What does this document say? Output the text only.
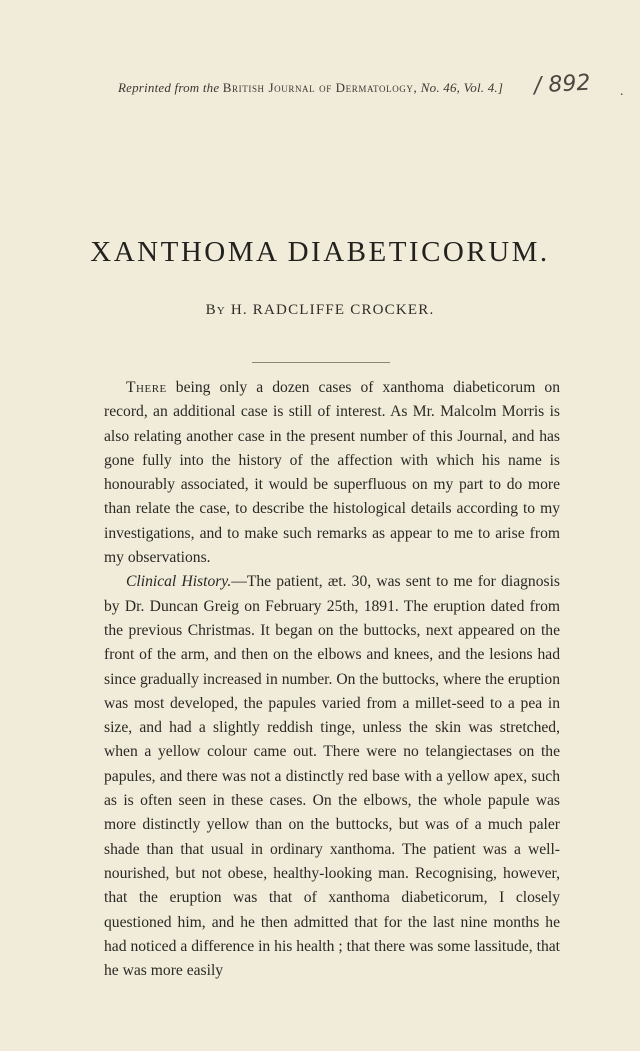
Reprinted from the British Journal of Dermatology, No. 46, Vol. 4.] / 892 .
XANTHOMA DIABETICORUM.
By H. RADCLIFFE CROCKER.

There being only a dozen cases of xanthoma diabeticorum on record, an additional case is still of interest. As Mr. Malcolm Morris is also relating another case in the present number of this Journal, and has gone fully into the history of the affection with which his name is honourably associated, it would be superfluous on my part to do more than relate the case, to describe the histological details according to my investigations, and to make such remarks as appear to me to arise from my observations.

Clinical History.—The patient, æt. 30, was sent to me for diagnosis by Dr. Duncan Greig on February 25th, 1891. The eruption dated from the previous Christmas. It began on the buttocks, next appeared on the front of the arm, and then on the elbows and knees, and the lesions had since gradually increased in number. On the buttocks, where the eruption was most developed, the papules varied from a millet-seed to a pea in size, and had a slightly reddish tinge, unless the skin was stretched, when a yellow colour came out. There were no telangiectases on the papules, and there was not a distinctly red base with a yellow apex, such as is often seen in these cases. On the elbows, the whole papule was more distinctly yellow than on the buttocks, but was of a much paler shade than that usual in ordinary xanthoma. The patient was a well-nourished, but not obese, healthy-looking man. Recognising, however, that the eruption was that of xanthoma diabeticorum, I closely questioned him, and he then admitted that for the last nine months he had noticed a difference in his health ; that there was some lassitude, that he was more easily
